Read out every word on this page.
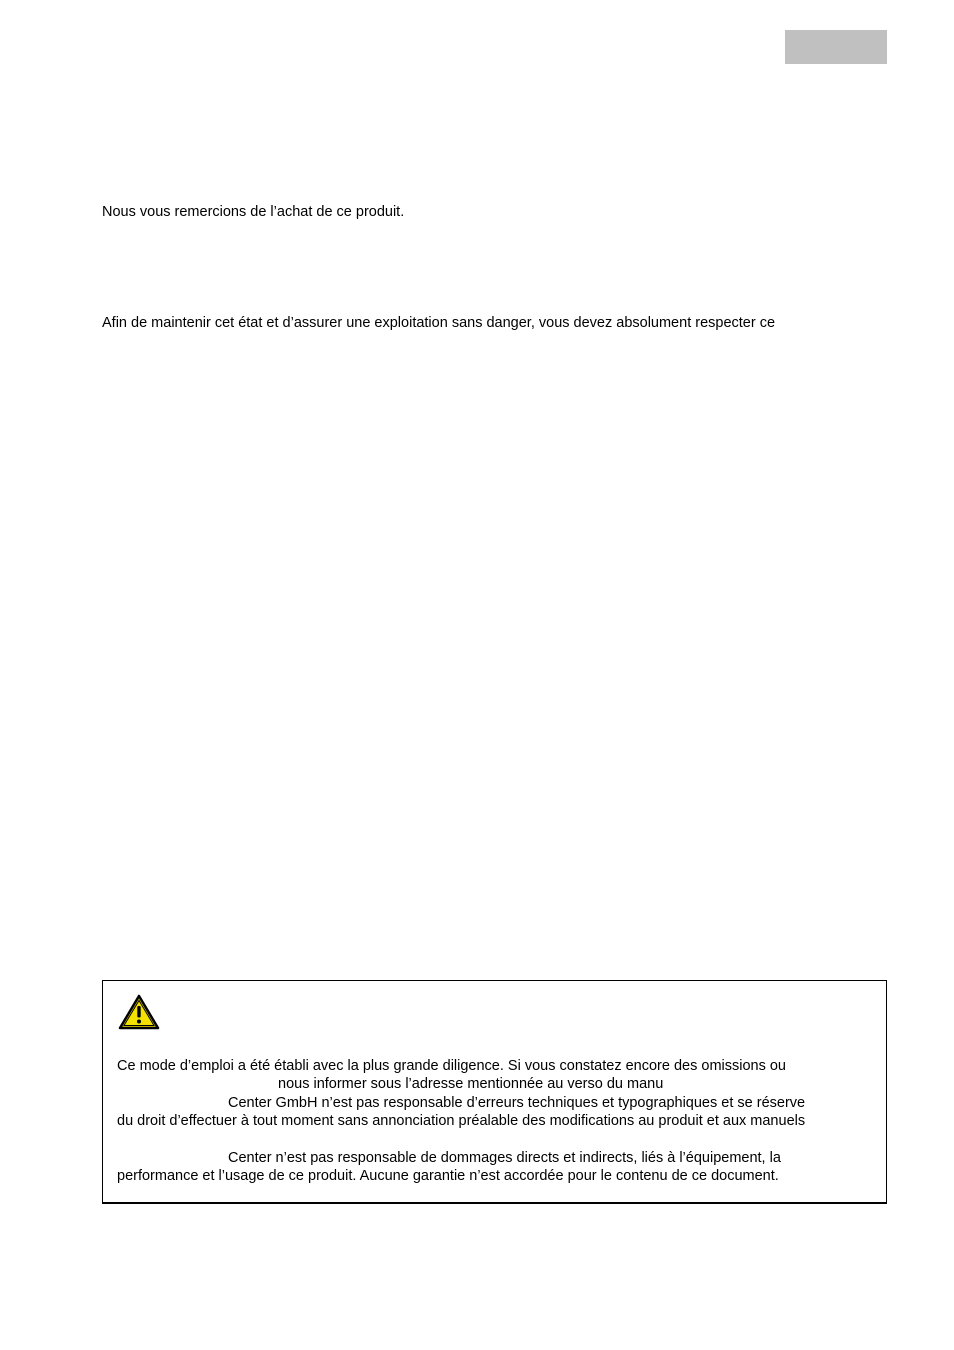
Nous vous remercions de l’achat de ce produit.

Afin de maintenir cet état et d’assurer une exploitation sans danger, vous devez absolument respecter ce

Ce mode d’emploi a été établi avec la plus grande diligence. Si vous constatez encore des omissions ou

nous informer sous l’adresse mentionnée au verso du manu

Center GmbH n’est pas responsable d’erreurs techniques et typographiques et se réserve

du droit d’effectuer à tout moment sans annonciation préalable des modifications au produit et aux manuels

Center n’est pas responsable de dommages directs et indirects, liés à l’équipement, la

performance et l’usage de ce produit. Aucune garantie n’est accordée pour le contenu de ce document.
